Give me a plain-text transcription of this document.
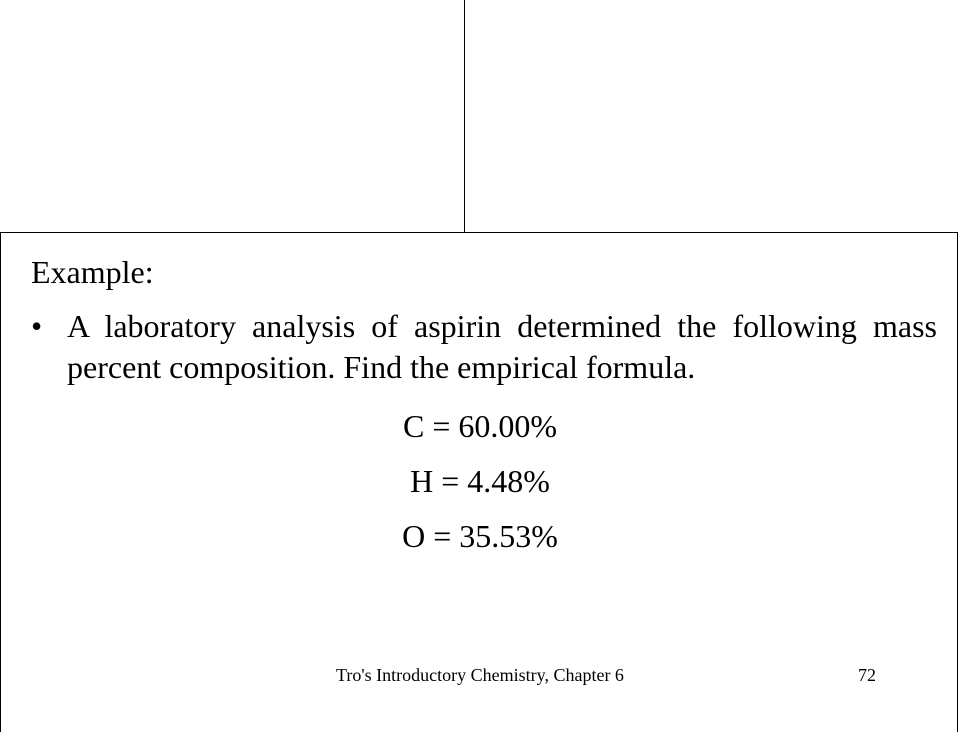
Example:
• A laboratory analysis of aspirin determined the following mass percent composition. Find the empirical formula.
C = 60.00%
H = 4.48%
O = 35.53%
Tro's Introductory Chemistry, Chapter 6	72
